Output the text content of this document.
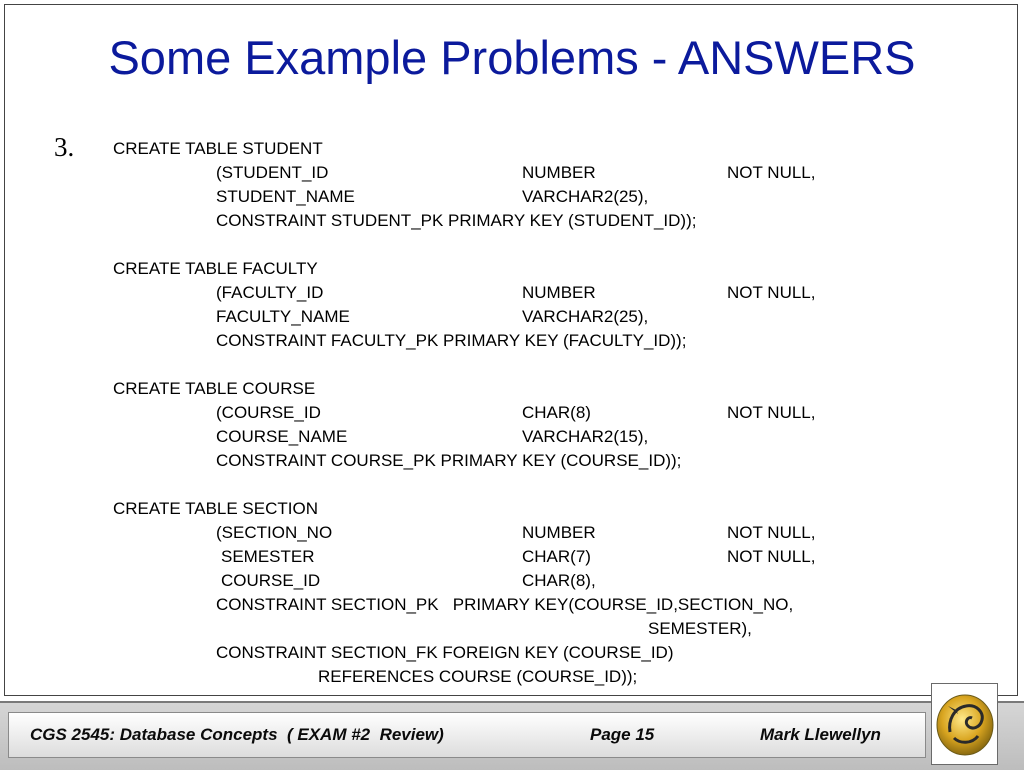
Some Example Problems - ANSWERS
3. CREATE TABLE STUDENT
(STUDENT_ID	NUMBER	NOT NULL,
STUDENT_NAME	VARCHAR2(25),
CONSTRAINT STUDENT_PK PRIMARY KEY (STUDENT_ID));
CREATE TABLE FACULTY
(FACULTY_ID	NUMBER	NOT NULL,
FACULTY_NAME	VARCHAR2(25),
CONSTRAINT FACULTY_PK PRIMARY KEY (FACULTY_ID));
CREATE TABLE COURSE
(COURSE_ID	CHAR(8)	NOT NULL,
COURSE_NAME	VARCHAR2(15),
CONSTRAINT COURSE_PK PRIMARY KEY (COURSE_ID));
CREATE TABLE SECTION
(SECTION_NO	NUMBER	NOT NULL,
SEMESTER	CHAR(7)	NOT NULL,
COURSE_ID	CHAR(8),
CONSTRAINT SECTION_PK   PRIMARY KEY(COURSE_ID,SECTION_NO,
SEMESTER),
CONSTRAINT SECTION_FK FOREIGN KEY (COURSE_ID)
REFERENCES COURSE (COURSE_ID));
CGS 2545: Database Concepts  ( EXAM #2  Review)	Page 15	Mark Llewellyn
